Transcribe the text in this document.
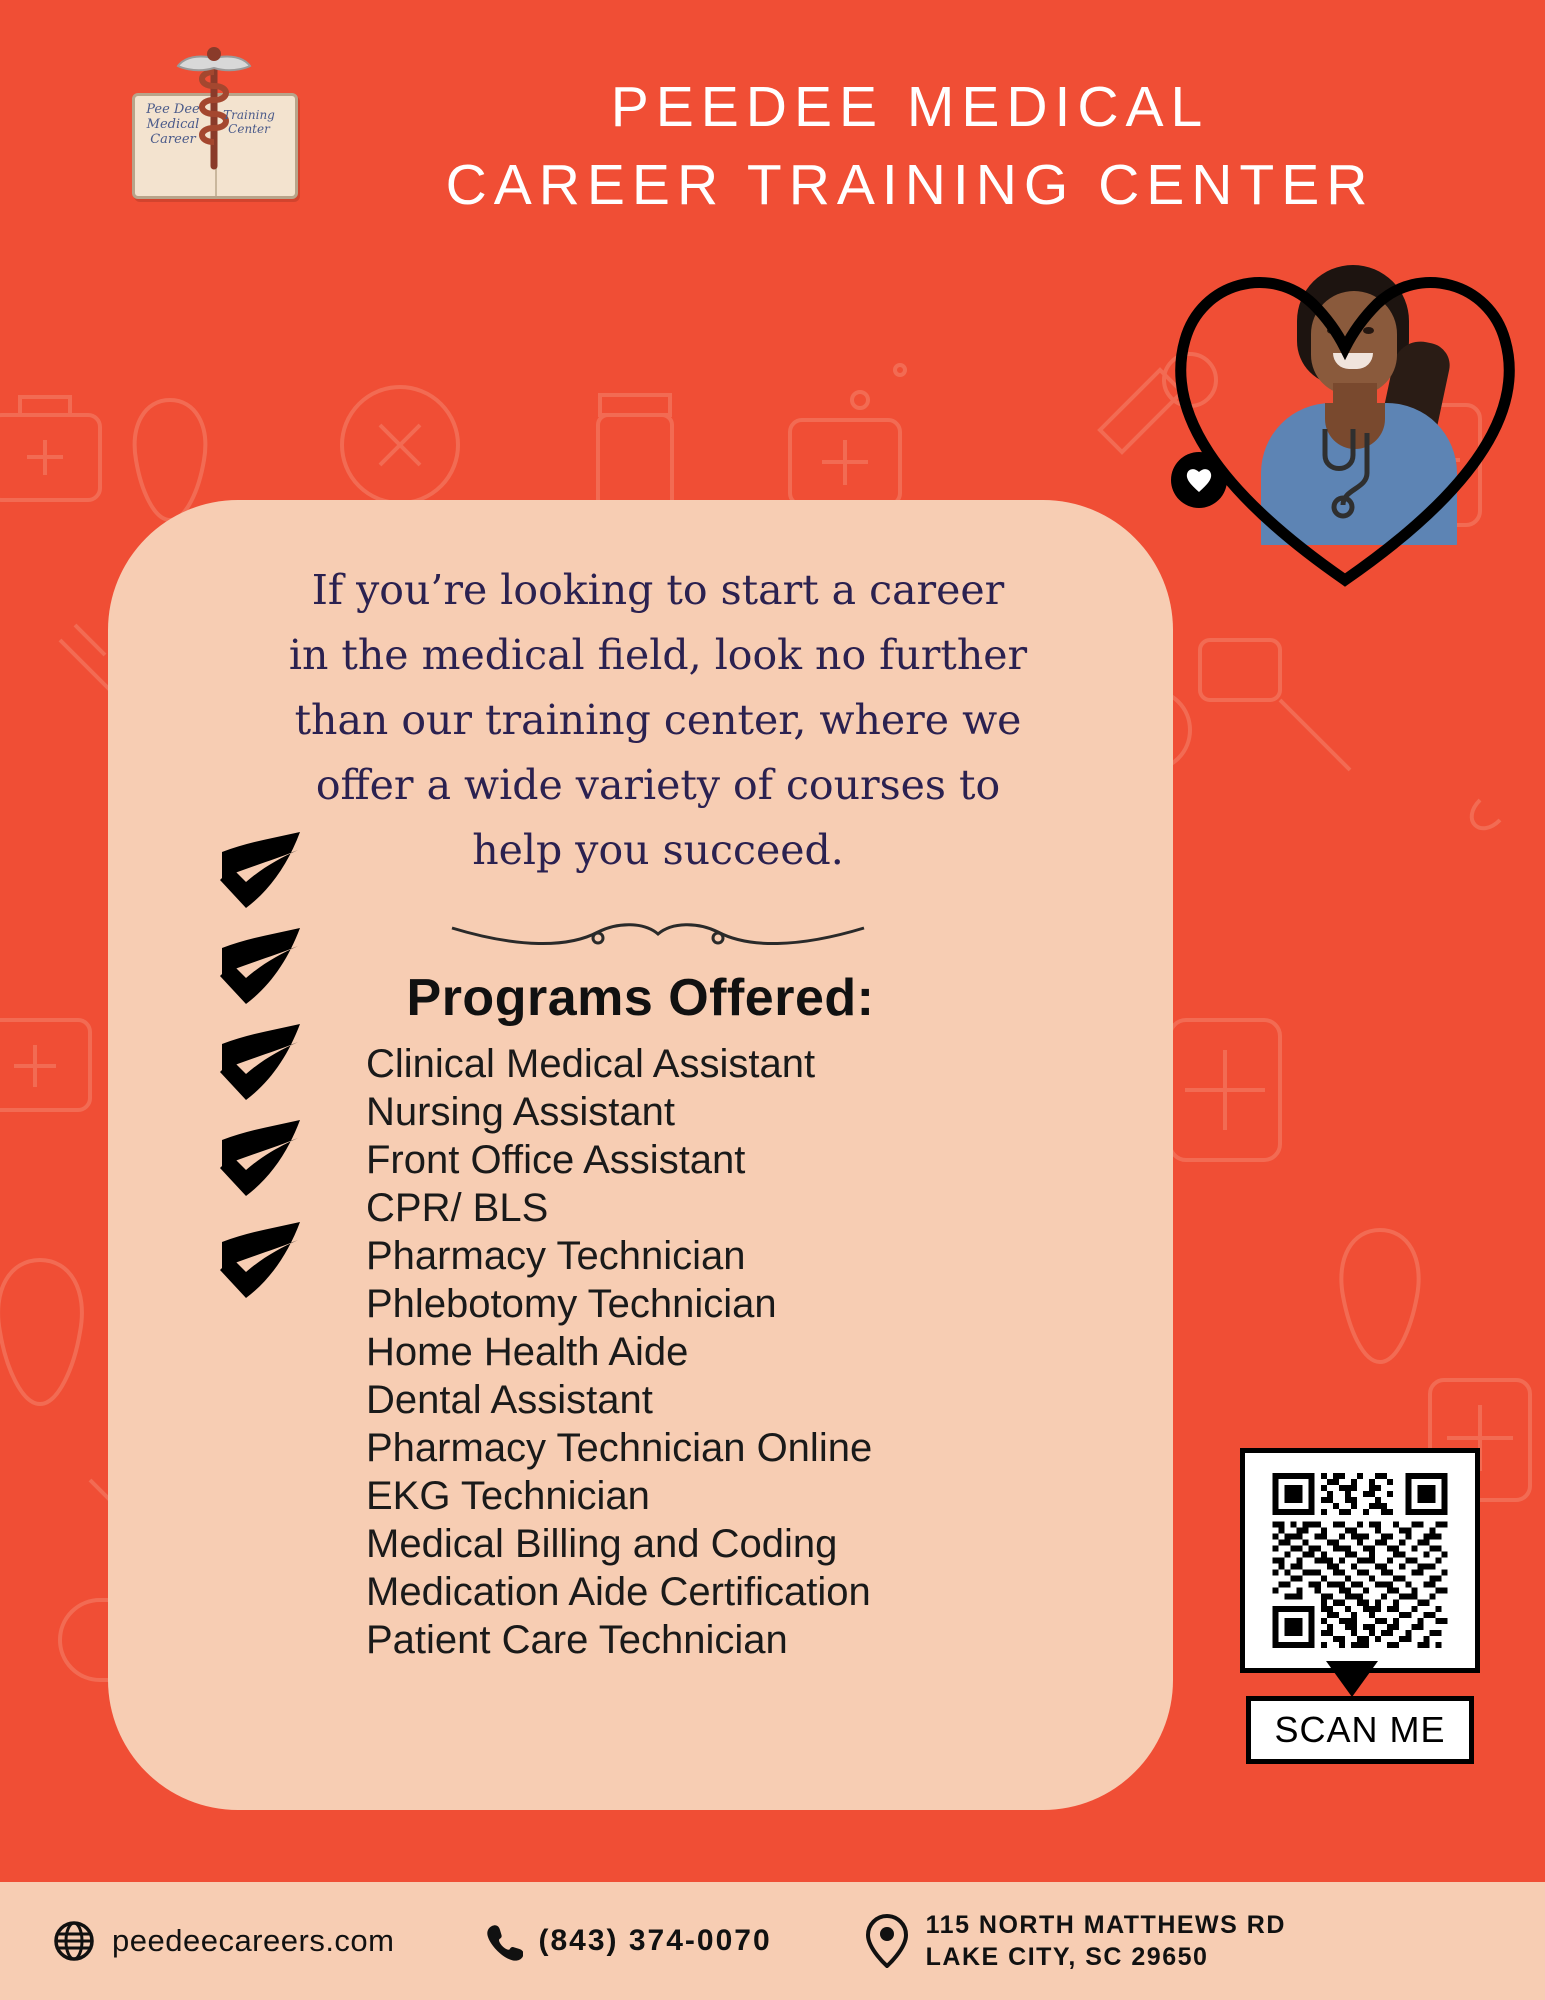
Pee Dee Medical Career
Training Center	PEEDEE MEDICAL
CAREER TRAINING CENTER
If you’re looking to start a career in the medical field, look no further than our training center, where we offer a wide variety of courses to help you succeed.
Programs Offered:
Clinical Medical Assistant
Nursing Assistant
Front Office Assistant
CPR/ BLS
Pharmacy Technician
Phlebotomy Technician
Home Health Aide
Dental Assistant
Pharmacy Technician Online
EKG Technician
Medical Billing and Coding
Medication Aide Certification
Patient Care Technician
SCAN ME
peedeecareers.com	(843) 374-0070	115 NORTH MATTHEWS RD
LAKE CITY, SC 29650
